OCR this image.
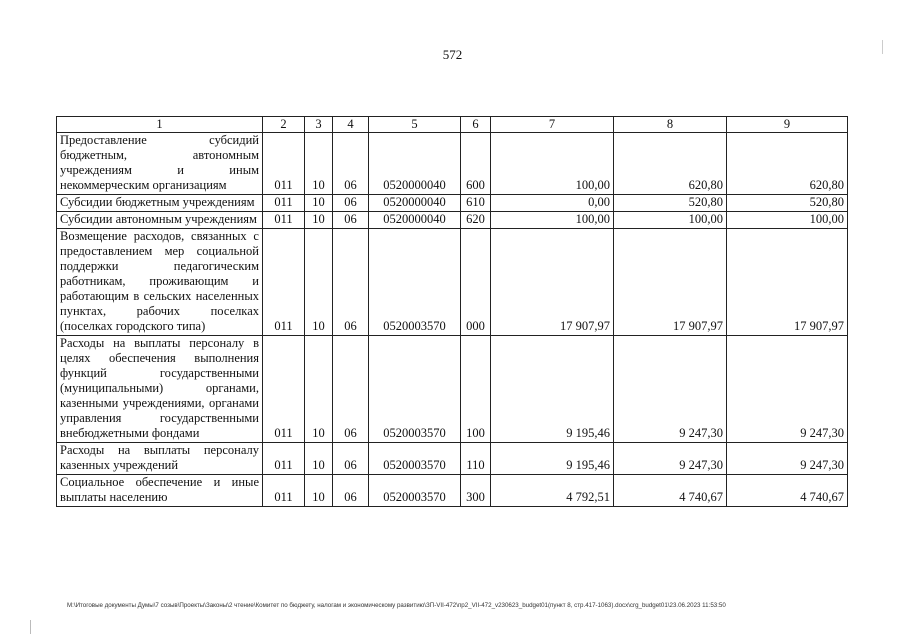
572
1	2	3	4	5	6	7	8	9
Предоставление субсидий бюджетным, автономным учреждениям и иным некоммерческим организациям	011	10	06	0520000040	600	100,00	620,80	620,80
Субсидии бюджетным учреждениям	011	10	06	0520000040	610	0,00	520,80	520,80
Субсидии автономным учреждениям	011	10	06	0520000040	620	100,00	100,00	100,00
Возмещение расходов, связанных с предоставлением мер социальной поддержки педагогическим работникам, проживающим и работающим в сельских населенных пунктах, рабочих поселках (поселках городского типа)	011	10	06	0520003570	000	17 907,97	17 907,97	17 907,97
Расходы на выплаты персоналу в целях обеспечения выполнения функций государственными (муниципальными) органами, казенными учреждениями, органами управления государственными внебюджетными фондами	011	10	06	0520003570	100	9 195,46	9 247,30	9 247,30
Расходы на выплаты персоналу казенных учреждений	011	10	06	0520003570	110	9 195,46	9 247,30	9 247,30
Социальное обеспечение и иные выплаты населению	011	10	06	0520003570	300	4 792,51	4 740,67	4 740,67
M:\Итоговые документы Думы\7 созыв\Проекты\Законы\2 чтение\Комитет по бюджету, налогам и экономическому развитию\ЗП-VII-472\пр2_VII-472_v230623_budget01(пункт 8, стр.417-1063).docx\crg_budget01\23.06.2023 11:53:50
